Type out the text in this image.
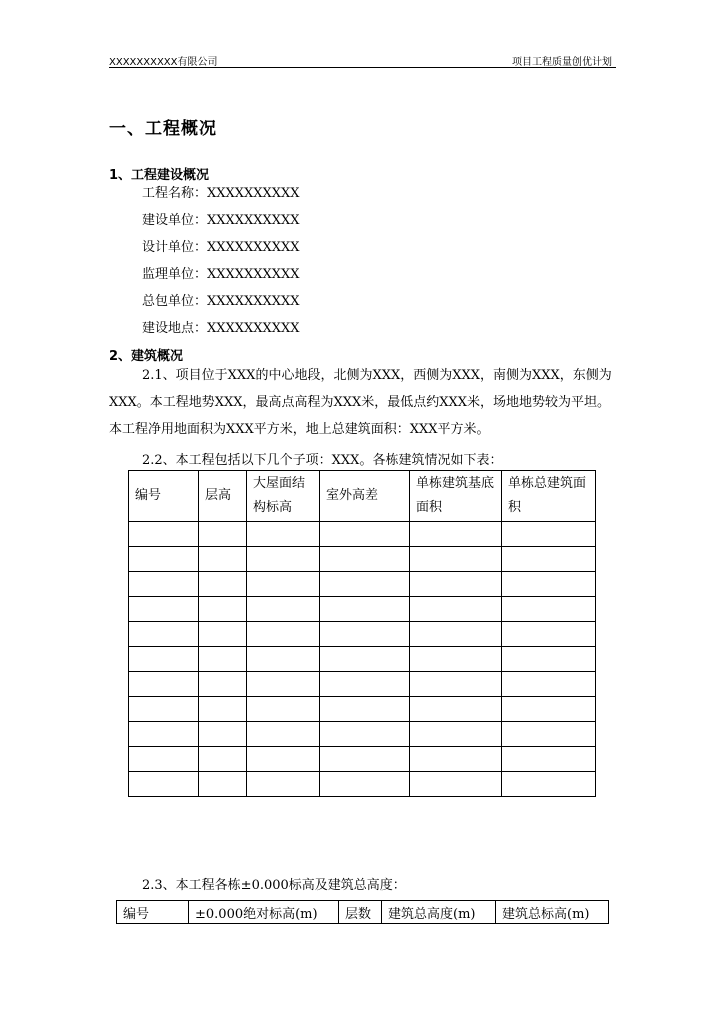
XXXXXXXXXX有限公司	项目工程质量创优计划
一、工程概况
1、工程建设概况
工程名称：XXXXXXXXXX
建设单位：XXXXXXXXXX
设计单位：XXXXXXXXXX
监理单位：XXXXXXXXXX
总包单位：XXXXXXXXXX
建设地点：XXXXXXXXXX
2、建筑概况
2.1、项目位于XXX的中心地段，北侧为XXX，西侧为XXX，南侧为XXX，东侧为XXX。本工程地势XXX，最高点高程为XXX米，最低点约XXX米，场地地势较为平坦。本工程净用地面积为XXX平方米，地上总建筑面积：XXX平方米。
2.2、本工程包括以下几个子项：XXX。各栋建筑情况如下表：
编号	层高	大屋面结构标高	室外高差	单栋建筑基底面积	单栋总建筑面积

2.3、本工程各栋±0.000标高及建筑总高度：
编号	±0.000绝对标高(m)	层数	建筑总高度(m)	建筑总标高(m)
